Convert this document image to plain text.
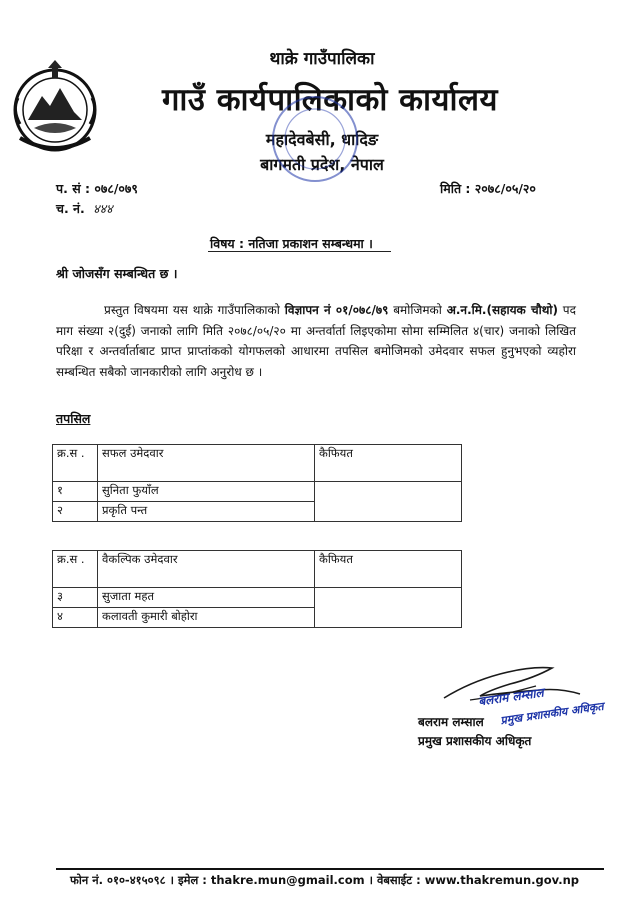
थाक्रे गाउँपालिका
गाउँ कार्यपालिकाको कार्यालय
महादेवबेसी, धादिङ
बागमती प्रदेश, नेपाल
प. सं : ०७८/०७९
च. नं. ४४४
मिति : २०७८/०५/२०
विषय : नतिजा प्रकाशन सम्बन्धमा ।
श्री जोजसँग सम्बन्धित छ ।
प्रस्तुत विषयमा यस थाक्रे गाउँपालिकाको विज्ञापन नं ०१/०७८/७९ बमोजिमको अ.न.मि.(सहायक चौथो) पद माग संख्या २(दुई) जनाको लागि मिति २०७८/०५/२० मा अन्तर्वार्ता लिइएकोमा सोमा सम्मिलित ४(चार) जनाको लिखित परिक्षा र अन्तर्वार्ताबाट प्राप्त प्राप्तांकको योगफलको आधारमा तपसिल बमोजिमको उमेदवार सफल हुनुभएको व्यहोरा सम्बन्धित सबैको जानकारीको लागि अनुरोध छ ।
तपसिल
क्र.स .	सफल उमेदवार	कैफियत
१	सुनिता फुयाँल	
२	प्रकृति पन्त	
क्र.स .	वैकल्पिक उमेदवार	कैफियत
३	सुजाता महत	
४	कलावती कुमारी बोहोरा	
बलराम लम्साल
प्रमुख प्रशासकीय अधिकृत
बलराम लम्साल
प्रमुख प्रशासकीय अधिकृत
फोन नं. ०१०-४१५०९८ । इमेल : thakre.mun@gmail.com । वेबसाईट : www.thakremun.gov.np
